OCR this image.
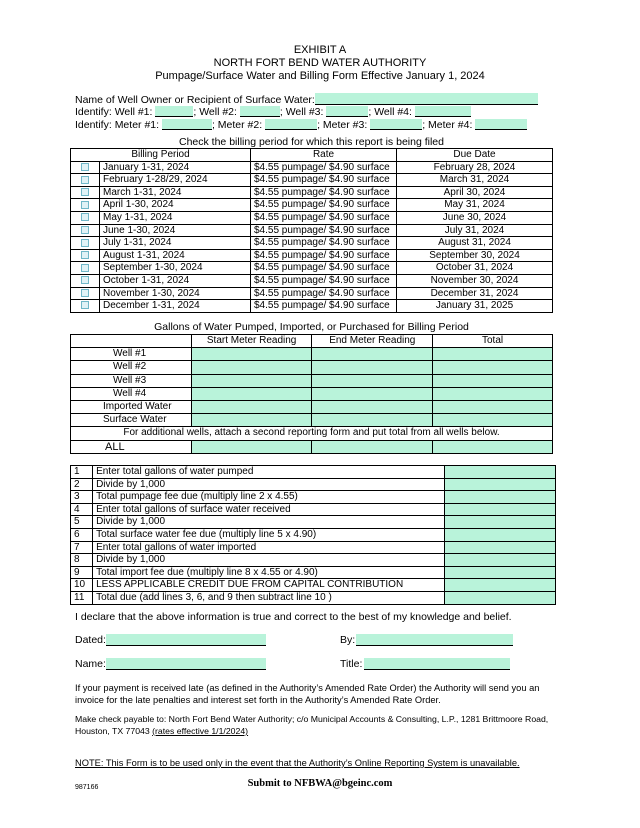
EXHIBIT A
NORTH FORT BEND WATER AUTHORITY
Pumpage/Surface Water and Billing Form Effective January 1, 2024
Name of Well Owner or Recipient of Surface Water:
Identify: Well #1:	; Well #2:	; Well #3:	; Well #4:
Identify: Meter #1:	; Meter #2:	; Meter #3:	; Meter #4:
Check the billing period for which this report is being filed
Billing Period		Rate	Due Date
	January 1-31, 2024	$4.55 pumpage/ $4.90 surface	February 28, 2024
	February 1-28/29, 2024	$4.55 pumpage/ $4.90 surface	March 31, 2024
	March 1-31, 2024	$4.55 pumpage/ $4.90 surface	April 30, 2024
	April 1-30, 2024	$4.55 pumpage/ $4.90 surface	May 31, 2024
	May 1-31, 2024	$4.55 pumpage/ $4.90 surface	June 30, 2024
	June 1-30, 2024	$4.55 pumpage/ $4.90 surface	July 31, 2024
	July 1-31, 2024	$4.55 pumpage/ $4.90 surface	August 31, 2024
	August 1-31, 2024	$4.55 pumpage/ $4.90 surface	September 30, 2024
	September 1-30, 2024	$4.55 pumpage/ $4.90 surface	October 31, 2024
	October 1-31, 2024	$4.55 pumpage/ $4.90 surface	November 30, 2024
	November 1-30, 2024	$4.55 pumpage/ $4.90 surface	December 31, 2024
	December 1-31, 2024	$4.55 pumpage/ $4.90 surface	January 31, 2025
Gallons of Water Pumped, Imported, or Purchased for Billing Period
	Start Meter Reading	End Meter Reading	Total
Well #1			
Well #2			
Well #3			
Well #4			
Imported Water			
Surface Water			
For additional wells, attach a second reporting form and put total from all wells below.			
ALL			
1	Enter total gallons of water pumped	
2	Divide by 1,000	
3	Total pumpage fee due (multiply line 2 x 4.55)	
4	Enter total gallons of surface water received	
5	Divide by 1,000	
6	Total surface water fee due (multiply line 5 x 4.90)	
7	Enter total gallons of water imported	
8	Divide by 1,000	
9	Total import fee due (multiply line 8 x 4.55 or 4.90)	
10	LESS APPLICABLE CREDIT DUE FROM CAPITAL CONTRIBUTION	
11	Total due (add lines 3, 6, and 9 then subtract line 10 )	
I declare that the above information is true and correct to the best of my knowledge and belief.
Dated:	By:
Name:	Title:
If your payment is received late (as defined in the Authority’s Amended Rate Order) the Authority will send you an invoice for the late penalties and interest set forth in the Authority’s Amended Rate Order.
Make check payable to: North Fort Bend Water Authority; c/o Municipal Accounts & Consulting, L.P., 1281 Brittmoore Road, Houston, TX 77043 (rates effective 1/1/2024)
NOTE: This Form is to be used only in the event that the Authority’s Online Reporting System is unavailable.
987166	Submit to NFBWA@bgeinc.com
